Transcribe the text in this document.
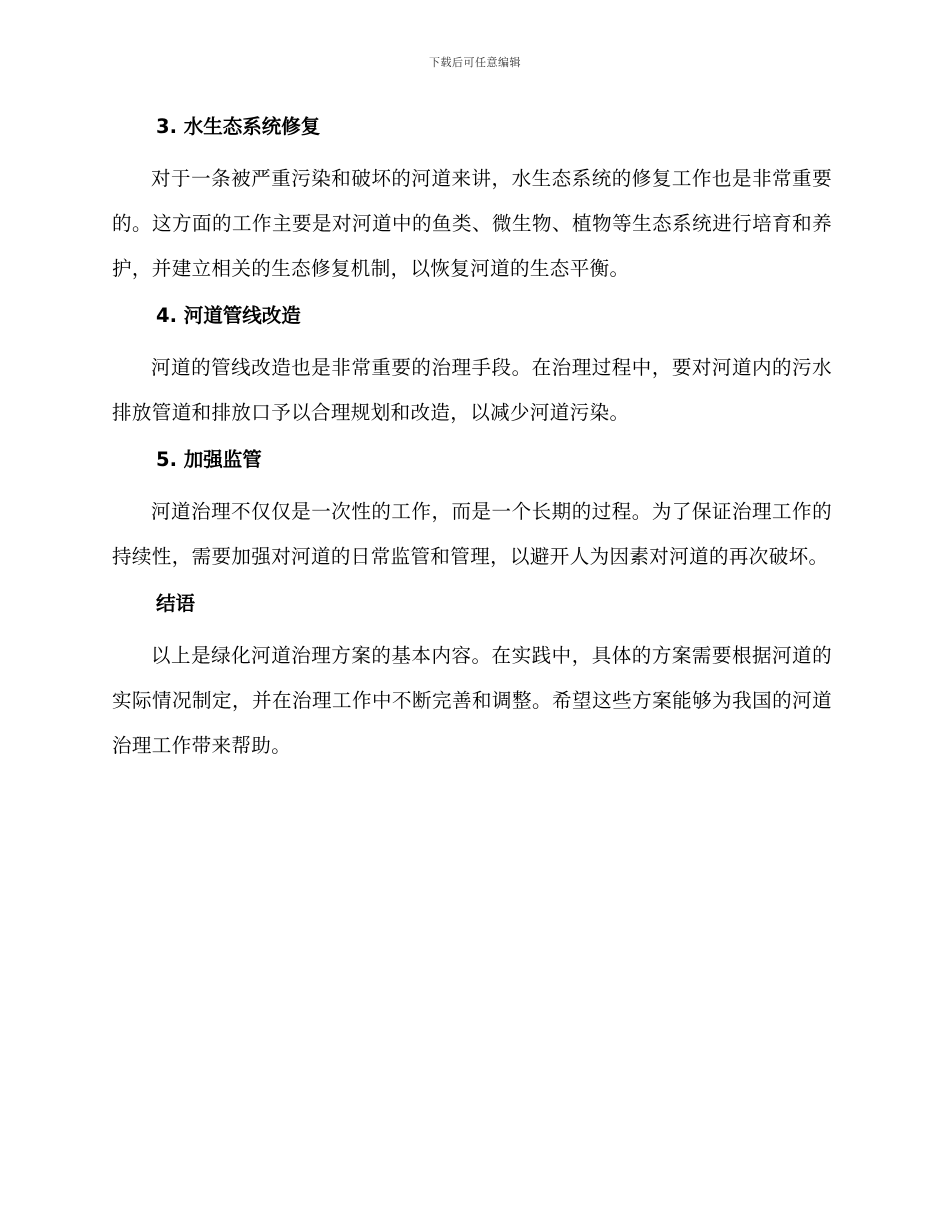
下载后可任意编辑
3. 水生态系统修复

对于一条被严重污染和破坏的河道来讲，水生态系统的修复工作也是非常重要的。这方面的工作主要是对河道中的鱼类、微生物、植物等生态系统进行培育和养护，并建立相关的生态修复机制，以恢复河道的生态平衡。

4. 河道管线改造

河道的管线改造也是非常重要的治理手段。在治理过程中，要对河道内的污水排放管道和排放口予以合理规划和改造，以减少河道污染。

5. 加强监管

河道治理不仅仅是一次性的工作，而是一个长期的过程。为了保证治理工作的持续性，需要加强对河道的日常监管和管理，以避开人为因素对河道的再次破坏。

结语

以上是绿化河道治理方案的基本内容。在实践中，具体的方案需要根据河道的实际情况制定，并在治理工作中不断完善和调整。希望这些方案能够为我国的河道治理工作带来帮助。
